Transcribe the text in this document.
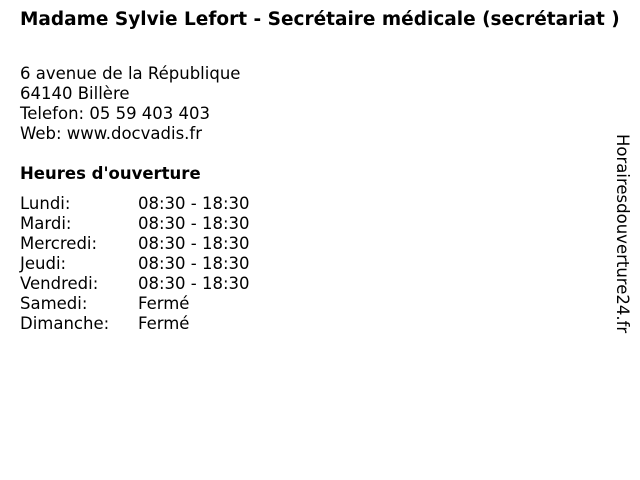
Madame Sylvie Lefort - Secrétaire médicale (secrétariat )
6 avenue de la République
64140 Billère
Telefon: 05 59 403 403
Web: www.docvadis.fr
Heures d'ouverture
Lundi:	08:30 - 18:30
Mardi:	08:30 - 18:30
Mercredi: 08:30 - 18:30
Jeudi:	08:30 - 18:30
Vendredi: 08:30 - 18:30
Samedi:	Fermé
Dimanche: Fermé	Horairesdouverture24.fr
